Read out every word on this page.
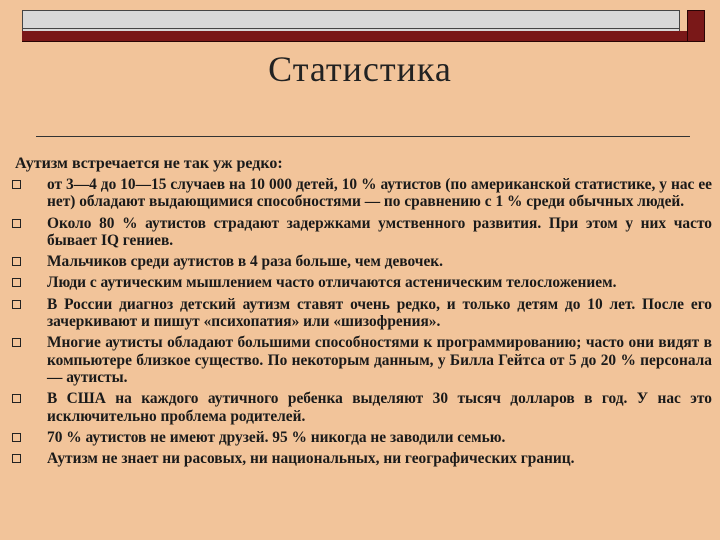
Статистика
Аутизм встречается не так уж редко:
от 3—4 до 10—15 случаев на 10 000 детей, 10 % аутистов (по американской статистике, у нас ее нет) обладают выдающимися способностями — по сравнению с 1 % среди обычных людей.
Около 80 % аутистов страдают задержками умственного развития. При этом у них часто бывает IQ гениев.
Мальчиков среди аутистов в 4 раза больше, чем девочек.
Люди с аутическим мышлением часто отличаются астеническим телосложением.
В России диагноз детский аутизм ставят очень редко, и только детям до 10 лет. После его зачеркивают и пишут «психопатия» или «шизофрения».
Многие аутисты обладают большими способностями к программированию; часто они видят в компьютере близкое существо. По некоторым данным, у Билла Гейтса от 5 до 20 % персонала — аутисты.
В США на каждого аутичного ребенка выделяют 30 тысяч долларов в год. У нас это исключительно проблема родителей.
70 % аутистов не имеют друзей. 95 % никогда не заводили семью.
Аутизм не знает ни расовых, ни национальных, ни географических границ.
